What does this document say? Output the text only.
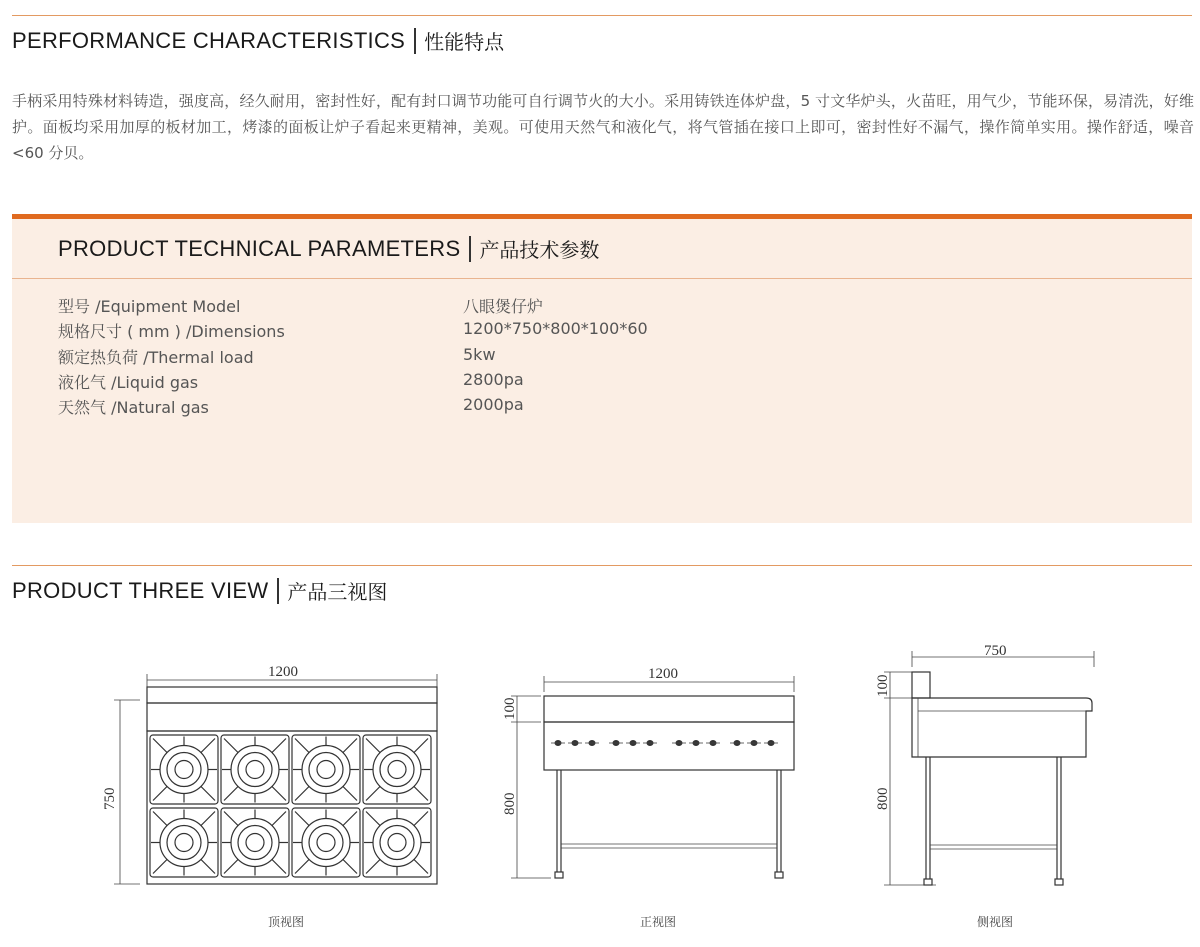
PERFORMANCE CHARACTERISTICS 性能特点
手柄采用特殊材料铸造，强度高，经久耐用，密封性好，配有封口调节功能可自行调节火的大小。采用铸铁连体炉盘，5 寸文华炉头，火苗旺，用气少，节能环保，易清洗，好维护。面板均采用加厚的板材加工，烤漆的面板让炉子看起来更精神，美观。可使用天然气和液化气，将气管插在接口上即可，密封性好不漏气，操作简单实用。操作舒适，噪音 <60 分贝。
PRODUCT TECHNICAL PARAMETERS 产品技术参数
型号 /Equipment Model	八眼煲仔炉
规格尺寸 ( mm ) /Dimensions	1200*750*800*100*60
额定热负荷 /Thermal load	5kw
液化气 /Liquid gas	2800pa
天然气 /Natural gas	2000pa
PRODUCT THREE VIEW 产品三视图
1200
750
顶视图
1200
100
800
正视图
750
100
800
侧视图
